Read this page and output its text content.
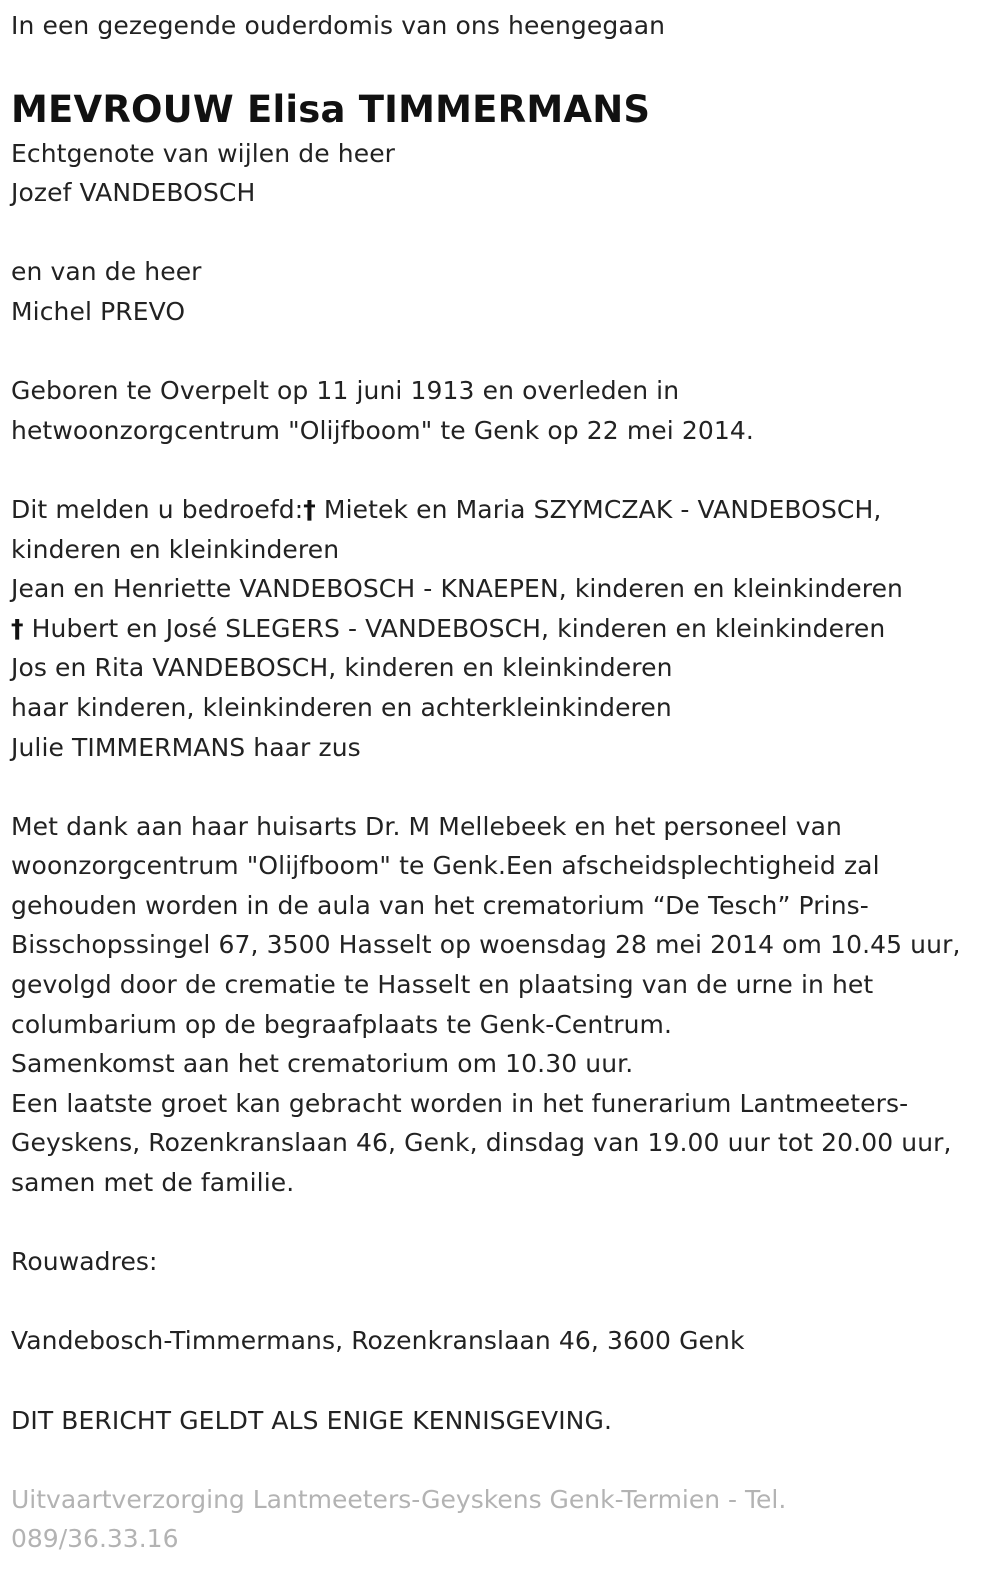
In een gezegende ouderdomis van ons heengegaan
MEVROUW Elisa TIMMERMANS
Echtgenote van wijlen de heer
Jozef VANDEBOSCH
en van de heer
Michel PREVO
Geboren te Overpelt op 11 juni 1913 en overleden in
hetwoonzorgcentrum "Olijfboom" te Genk op 22 mei 2014.
Dit melden u bedroefd:† Mietek en Maria SZYMCZAK - VANDEBOSCH,
kinderen en kleinkinderen
Jean en Henriette VANDEBOSCH - KNAEPEN, kinderen en kleinkinderen
† Hubert en José SLEGERS - VANDEBOSCH, kinderen en kleinkinderen
Jos en Rita VANDEBOSCH, kinderen en kleinkinderen
haar kinderen, kleinkinderen en achterkleinkinderen
Julie TIMMERMANS haar zus
Met dank aan haar huisarts Dr. M Mellebeek en het personeel van
woonzorgcentrum "Olijfboom" te Genk.Een afscheidsplechtigheid zal
gehouden worden in de aula van het crematorium “De Tesch” Prins-
Bisschopssingel 67, 3500 Hasselt op woensdag 28 mei 2014 om 10.45 uur,
gevolgd door de crematie te Hasselt en plaatsing van de urne in het
columbarium op de begraafplaats te Genk-Centrum.
Samenkomst aan het crematorium om 10.30 uur.
Een laatste groet kan gebracht worden in het funerarium Lantmeeters-
Geyskens, Rozenkranslaan 46, Genk, dinsdag van 19.00 uur tot 20.00 uur,
samen met de familie.
Rouwadres:
Vandebosch-Timmermans, Rozenkranslaan 46, 3600 Genk
DIT BERICHT GELDT ALS ENIGE KENNISGEVING.
Uitvaartverzorging Lantmeeters-Geyskens Genk-Termien - Tel.
089/36.33.16
